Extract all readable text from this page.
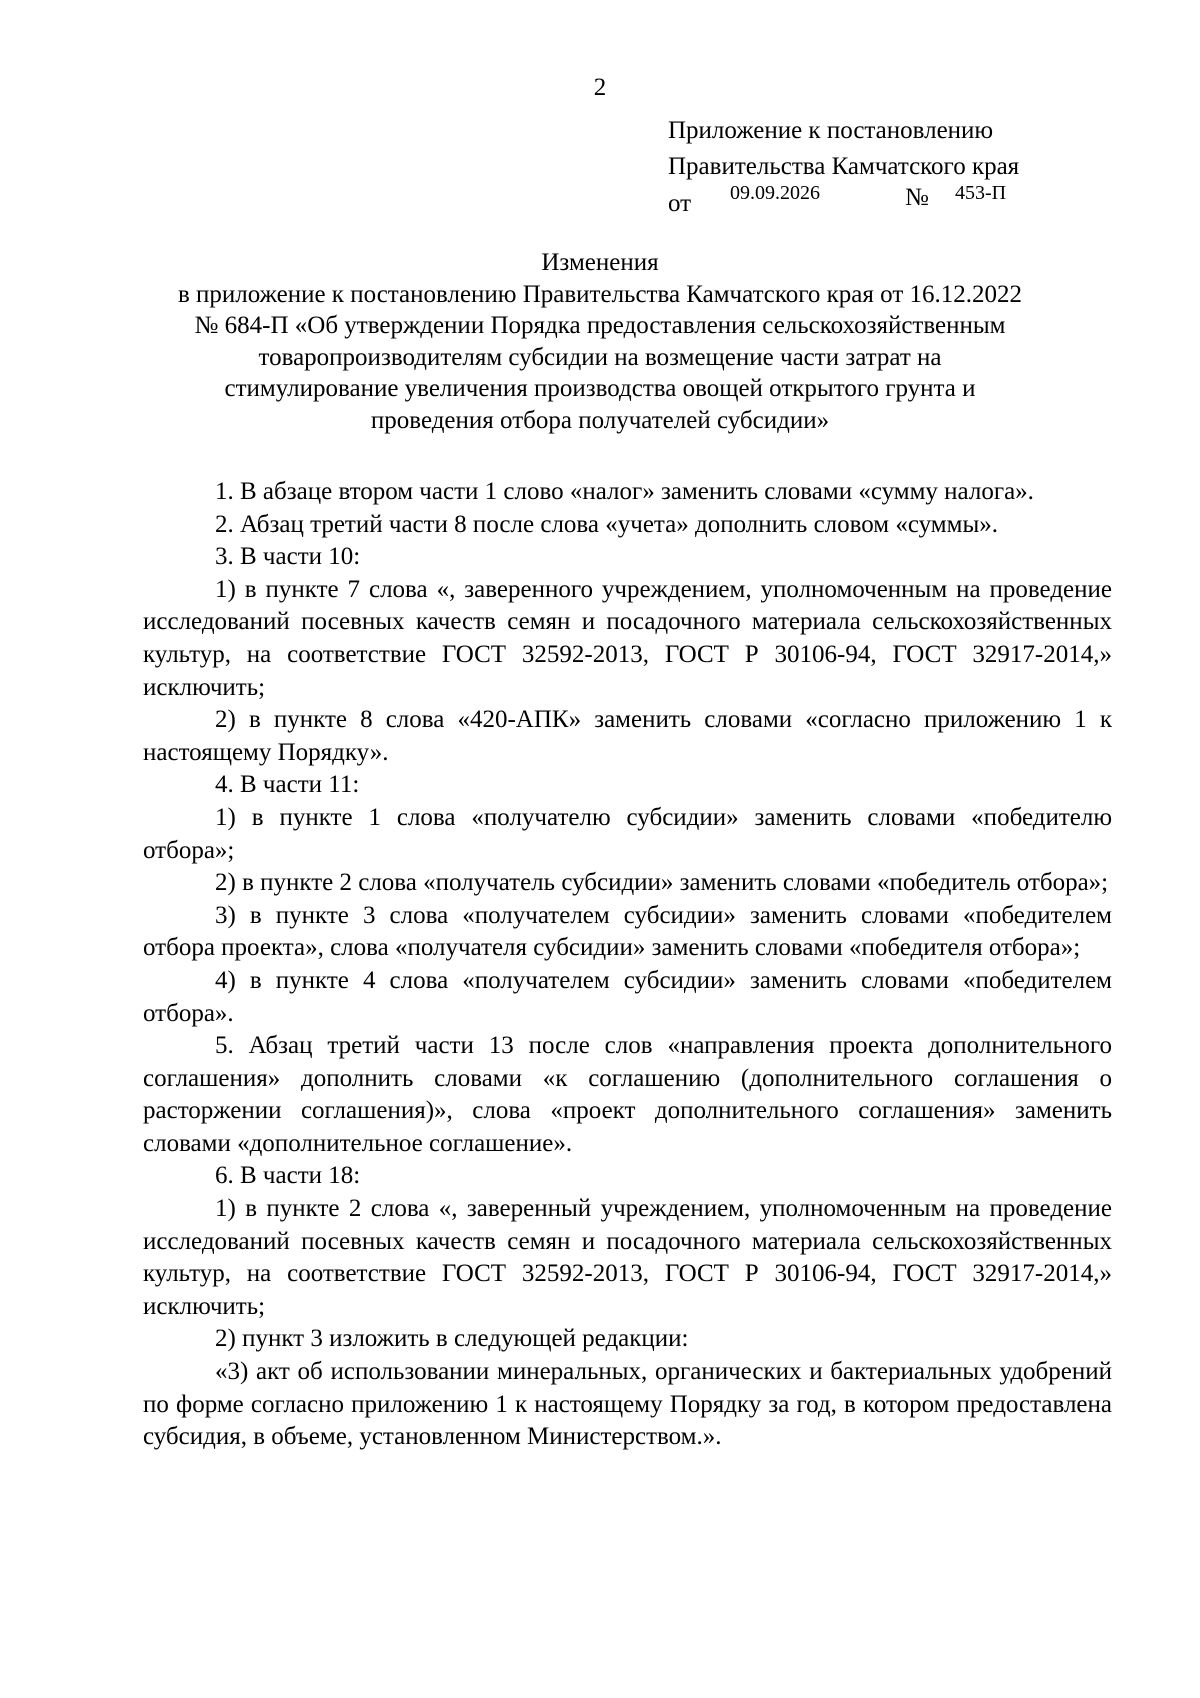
2
Приложение к постановлению
Правительства Камчатского края
от 09.09.2026	№ 453-П
Изменения
в приложение к постановлению Правительства Камчатского края от 16.12.2022
№ 684-П «Об утверждении Порядка предоставления сельскохозяйственным
товаропроизводителям субсидии на возмещение части затрат на
стимулирование увеличения производства овощей открытого грунта и
проведения отбора получателей субсидии»

1. В абзаце втором части 1 слово «налог» заменить словами «сумму налога».

2. Абзац третий части 8 после слова «учета» дополнить словом «суммы».

3. В части 10:

1) в пункте 7 слова «, заверенного учреждением, уполномоченным на проведение исследований посевных качеств семян и посадочного материала сельскохозяйственных культур, на соответствие ГОСТ 32592-2013, ГОСТ Р 30106-94, ГОСТ 32917-2014,» исключить;

2) в пункте 8 слова «420-АПК» заменить словами «согласно приложению 1 к настоящему Порядку».

4. В части 11:

1) в пункте 1 слова «получателю субсидии» заменить словами «победителю отбора»;

2) в пункте 2 слова «получатель субсидии» заменить словами «победитель отбора»;

3) в пункте 3 слова «получателем субсидии» заменить словами «победителем отбора проекта», слова «получателя субсидии» заменить словами «победителя отбора»;

4) в пункте 4 слова «получателем субсидии» заменить словами «победителем отбора».

5. Абзац третий части 13 после слов «направления проекта дополнительного соглашения» дополнить словами «к соглашению (дополнительного соглашения о расторжении соглашения)», слова «проект дополнительного соглашения» заменить словами «дополнительное соглашение».

6. В части 18:

1) в пункте 2 слова «, заверенный учреждением, уполномоченным на проведение исследований посевных качеств семян и посадочного материала сельскохозяйственных культур, на соответствие ГОСТ 32592-2013, ГОСТ Р 30106-94, ГОСТ 32917-2014,» исключить;

2) пункт 3 изложить в следующей редакции:

«3) акт об использовании минеральных, органических и бактериальных удобрений по форме согласно приложению 1 к настоящему Порядку за год, в котором предоставлена субсидия, в объеме, установленном Министерством.».
